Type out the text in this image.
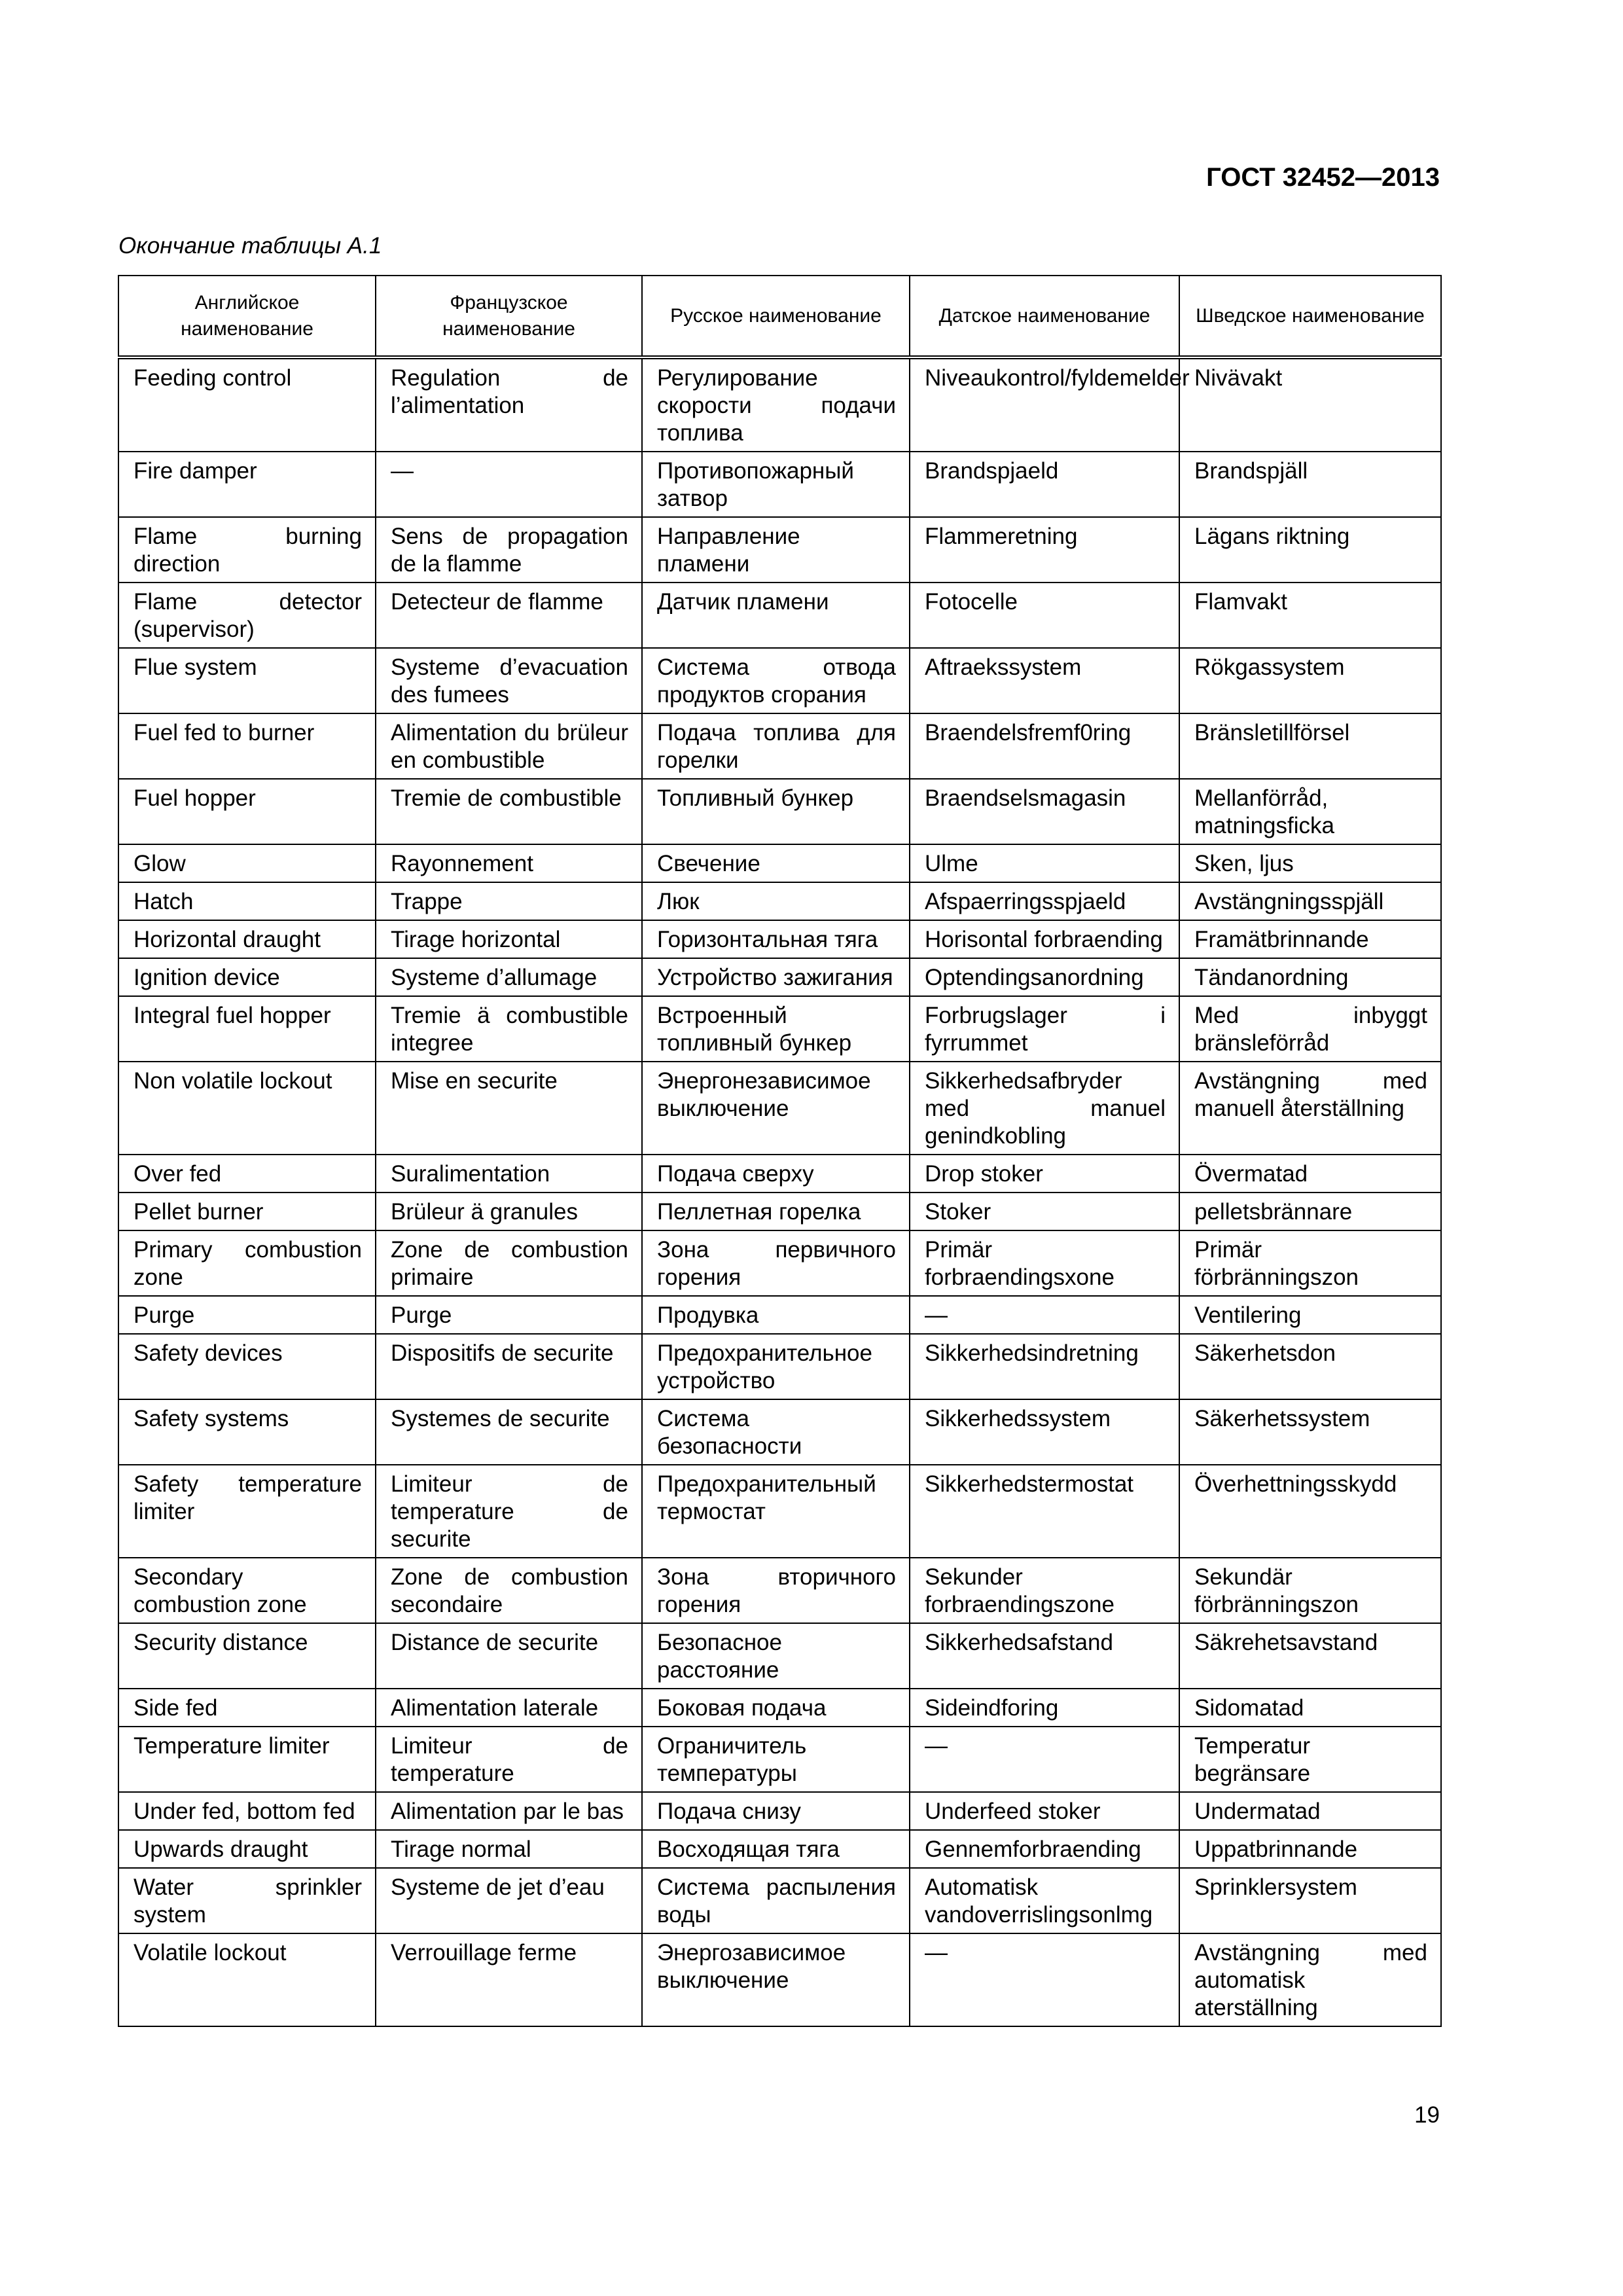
ГОСТ 32452—2013
Окончание таблицы А.1
Английское наименование	Французское наименование	Русское наименование	Датское наименование	Шведское наименование
Feeding control	Regulation de l’alimentation	Регулирование скорости подачи топлива	Niveaukontrol/fyldemelder	Nivävakt
Fire damper	—	Противопожарный затвор	Brandspjaeld	Brandspjäll
Flame burning direction	Sens de propagation de la flamme	Направление пламени	Flammeretning	Lägans riktning
Flame detector (supervisor)	Detecteur de flamme	Датчик пламени	Fotocelle	Flamvakt
Flue system	Systeme d’evacuation des fumees	Система отвода продуктов сгорания	Aftraekssystem	Rökgassystem
Fuel fed to burner	Alimentation du brüleur en combustible	Подача топлива для горелки	Braendelsfremf0ring	Bränsletillförsel
Fuel hopper	Tremie de combustible	Топливный бункер	Braendselsmagasin	Mellanförråd, matningsficka
Glow	Rayonnement	Свечение	Ulme	Sken, ljus
Hatch	Trappe	Люк	Afspaerringsspjaeld	Avstängningsspjäll
Horizontal draught	Tirage horizontal	Горизонтальная тяга	Horisontal forbraending	Framätbrinnande
Ignition device	Systeme d’allumage	Устройство зажигания	Optendingsanordning	Tändanordning
Integral fuel hopper	Tremie ä combustible integree	Встроенный топливный бункер	Forbrugslager i fyrrummet	Med inbyggt bränsleförråd
Non volatile lockout	Mise en securite	Энергонезависимое выключение	Sikkerhedsafbryder med manuel genindkobling	Avstängning med manuell återställning
Over fed	Suralimentation	Подача сверху	Drop stoker	Övermatad
Pellet burner	Brüleur ä granules	Пеллетная горелка	Stoker	pelletsbrännare
Primary combustion zone	Zone de combustion primaire	Зона первичного горения	Primär forbraendingsxone	Primär förbränningszon
Purge	Purge	Продувка	—	Ventilering
Safety devices	Dispositifs de securite	Предохранительное устройство	Sikkerhedsindretning	Säkerhetsdon
Safety systems	Systemes de securite	Система безопасности	Sikkerhedssystem	Säkerhetssystem
Safety temperature limiter	Limiteur de temperature de securite	Предохранительный термостат	Sikkerhedstermostat	Överhettningsskydd
Secondary combustion zone	Zone de combustion secondaire	Зона вторичного горения	Sekunder forbraendingszone	Sekundär förbränningszon
Security distance	Distance de securite	Безопасное расстояние	Sikkerhedsafstand	Säkrehetsavstand
Side fed	Alimentation laterale	Боковая подача	Sideindforing	Sidomatad
Temperature limiter	Limiteur de temperature	Ограничитель температуры	—	Temperatur begränsare
Under fed, bottom fed	Alimentation par le bas	Подача снизу	Underfeed stoker	Undermatad
Upwards draught	Tirage normal	Восходящая тяга	Gennemforbraending	Uppatbrinnande
Water sprinkler system	Systeme de jet d’eau	Система распыления воды	Automatisk vandoverrislingsonlmg	Sprinklersystem
Volatile lockout	Verrouillage ferme	Энергозависимое выключение	—	Avstängning med automatisk aterställning
19
